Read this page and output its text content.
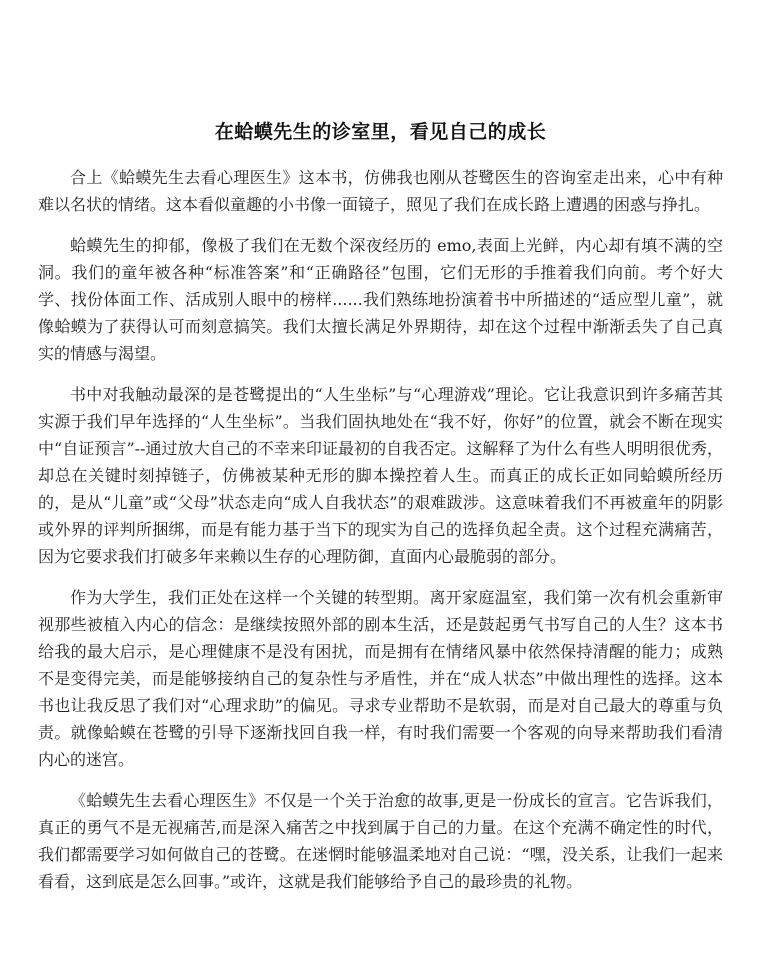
在蛤蟆先生的诊室里，看见自己的成长

合上《蛤蟆先生去看心理医生》这本书，仿佛我也刚从苍鹭医生的咨询室走出来，心中有种难以名状的情绪。这本看似童趣的小书像一面镜子，照见了我们在成长路上遭遇的困惑与挣扎。

蛤蟆先生的抑郁，像极了我们在无数个深夜经历的 emo,表面上光鲜，内心却有填不满的空洞。我们的童年被各种“标准答案”和“正确路径”包围，它们无形的手推着我们向前。考个好大学、找份体面工作、活成别人眼中的榜样......我们熟练地扮演着书中所描述的“适应型儿童”，就像蛤蟆为了获得认可而刻意搞笑。我们太擅长满足外界期待，却在这个过程中渐渐丢失了自己真实的情感与渴望。

书中对我触动最深的是苍鹭提出的“人生坐标”与“心理游戏”理论。它让我意识到许多痛苦其实源于我们早年选择的“人生坐标”。当我们固执地处在“我不好，你好”的位置，就会不断在现实中“自证预言”--通过放大自己的不幸来印证最初的自我否定。这解释了为什么有些人明明很优秀，却总在关键时刻掉链子，仿佛被某种无形的脚本操控着人生。而真正的成长正如同蛤蟆所经历的，是从“儿童”或“父母”状态走向“成人自我状态”的艰难跋涉。这意味着我们不再被童年的阴影或外界的评判所捆绑，而是有能力基于当下的现实为自己的选择负起全责。这个过程充满痛苦，因为它要求我们打破多年来赖以生存的心理防御，直面内心最脆弱的部分。

作为大学生，我们正处在这样一个关键的转型期。离开家庭温室，我们第一次有机会重新审视那些被植入内心的信念：是继续按照外部的剧本生活，还是鼓起勇气书写自己的人生？这本书给我的最大启示，是心理健康不是没有困扰，而是拥有在情绪风暴中依然保持清醒的能力；成熟不是变得完美，而是能够接纳自己的复杂性与矛盾性，并在“成人状态”中做出理性的选择。这本书也让我反思了我们对“心理求助”的偏见。寻求专业帮助不是软弱，而是对自己最大的尊重与负责。就像蛤蟆在苍鹭的引导下逐渐找回自我一样，有时我们需要一个客观的向导来帮助我们看清内心的迷宫。

《蛤蟆先生去看心理医生》不仅是一个关于治愈的故事,更是一份成长的宣言。它告诉我们，真正的勇气不是无视痛苦,而是深入痛苦之中找到属于自己的力量。在这个充满不确定性的时代，我们都需要学习如何做自己的苍鹭。在迷惘时能够温柔地对自己说：“嘿，没关系，让我们一起来看看，这到底是怎么回事。”或许，这就是我们能够给予自己的最珍贵的礼物。
